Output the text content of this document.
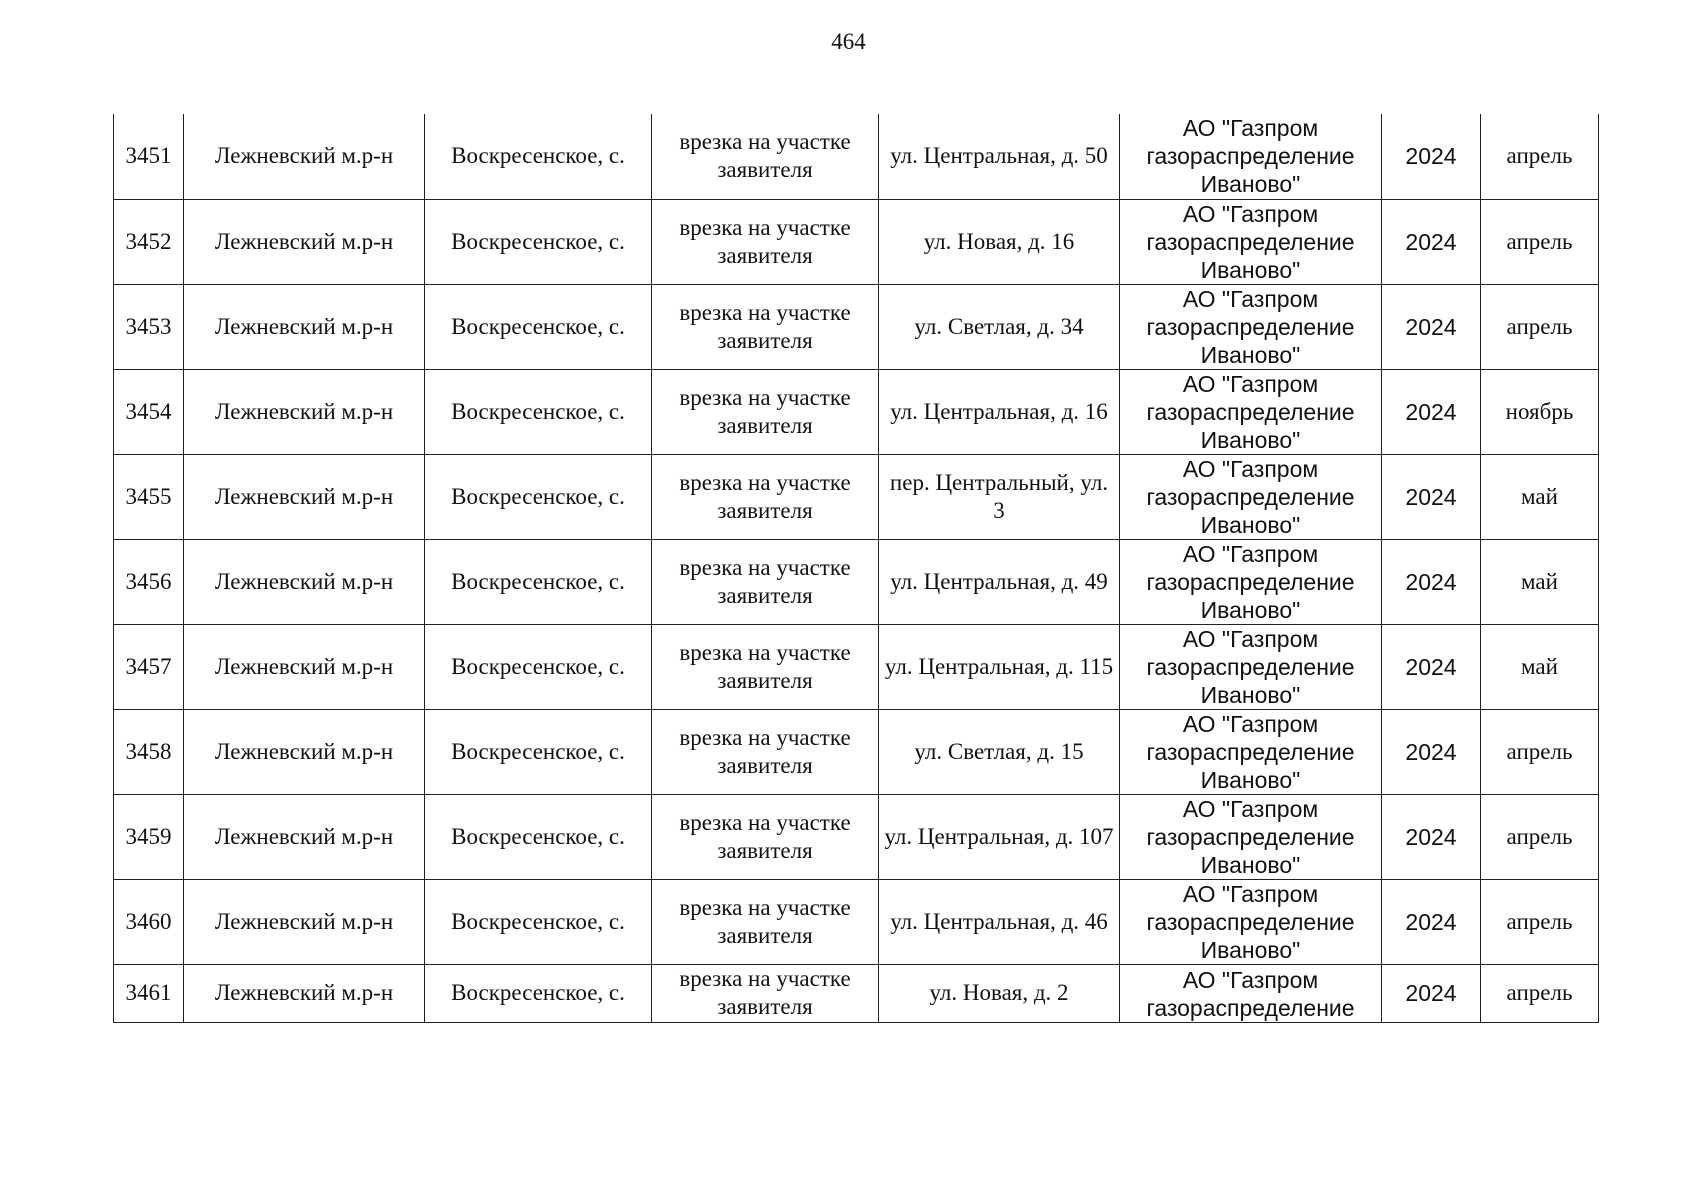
464
3451	Лежневский м.р-н	Воскресенское, с.	врезка на участке заявителя	ул. Центральная, д. 50	АО "Газпром газораспределение Иваново"	2024	апрель
3452	Лежневский м.р-н	Воскресенское, с.	врезка на участке заявителя	ул. Новая, д. 16	АО "Газпром газораспределение Иваново"	2024	апрель
3453	Лежневский м.р-н	Воскресенское, с.	врезка на участке заявителя	ул. Светлая, д. 34	АО "Газпром газораспределение Иваново"	2024	апрель
3454	Лежневский м.р-н	Воскресенское, с.	врезка на участке заявителя	ул. Центральная, д. 16	АО "Газпром газораспределение Иваново"	2024	ноябрь
3455	Лежневский м.р-н	Воскресенское, с.	врезка на участке заявителя	пер. Центральный, ул. 3	АО "Газпром газораспределение Иваново"	2024	май
3456	Лежневский м.р-н	Воскресенское, с.	врезка на участке заявителя	ул. Центральная, д. 49	АО "Газпром газораспределение Иваново"	2024	май
3457	Лежневский м.р-н	Воскресенское, с.	врезка на участке заявителя	ул. Центральная, д. 115	АО "Газпром газораспределение Иваново"	2024	май
3458	Лежневский м.р-н	Воскресенское, с.	врезка на участке заявителя	ул. Светлая, д. 15	АО "Газпром газораспределение Иваново"	2024	апрель
3459	Лежневский м.р-н	Воскресенское, с.	врезка на участке заявителя	ул. Центральная, д. 107	АО "Газпром газораспределение Иваново"	2024	апрель
3460	Лежневский м.р-н	Воскресенское, с.	врезка на участке заявителя	ул. Центральная, д. 46	АО "Газпром газораспределение Иваново"	2024	апрель
3461	Лежневский м.р-н	Воскресенское, с.	врезка на участке заявителя	ул. Новая, д. 2	АО "Газпром газораспределение	2024	апрель
